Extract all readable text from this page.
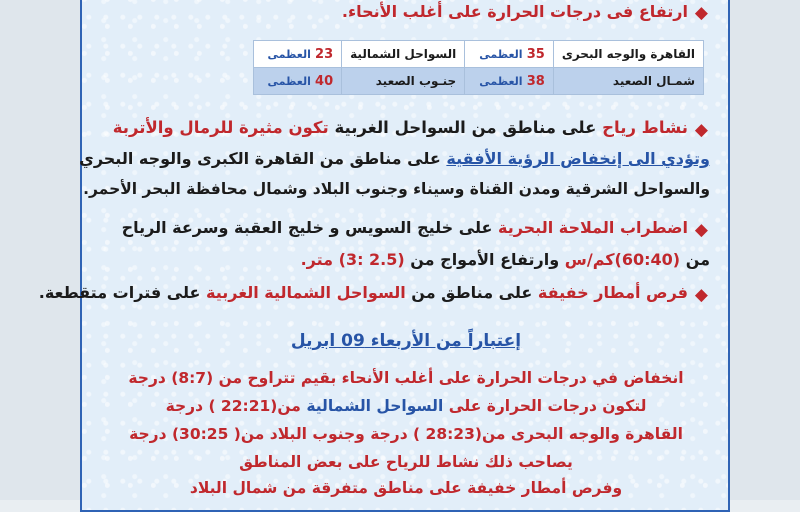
◆
ارتفاع فى درجات الحرارة على أغلب الأنحاء.
القاهرة والوجه البحرى	35 العظمى	السواحل الشمالية	23 العظمى
شمـال الصعيد	38 العظمى	جنـوب الصعيد	40 العظمى
◆
نشاط رياح على مناطق من السواحل الغربية تكون مثيرة للرمال والأتربة
وتؤدي الى إنخفاض الرؤية الأفقية على مناطق من القاهرة الكبرى والوجه البحري
والسواحل الشرقية ومدن القناة وسيناء وجنوب البلاد وشمال محافظة البحر الأحمر.
◆
اضطراب الملاحة البحرية على خليج السويس و خليج العقبة وسرعة الرياح
من (60:40)كم/س وارتفاع الأمواج من (2.5 :3) متر.
◆
فرص أمطار خفيفة على مناطق من السواحل الشمالية الغربية على فترات متقطعة.
إعتباراً من الأربعاء 09 ابريل
انخفاض في درجات الحرارة على أغلب الأنحاء بقيم تتراوح من (8:7) درجة
لتكون درجات الحرارة على السواحل الشمالية من(22:21 ) درجة
القاهرة والوجه البحرى من(28:23 ) درجة وجنوب البلاد من( 30:25) درجة
يصاحب ذلك نشاط للرياح على بعض المناطق
وفرص أمطار خفيفة على مناطق متفرقة من شمال البلاد
